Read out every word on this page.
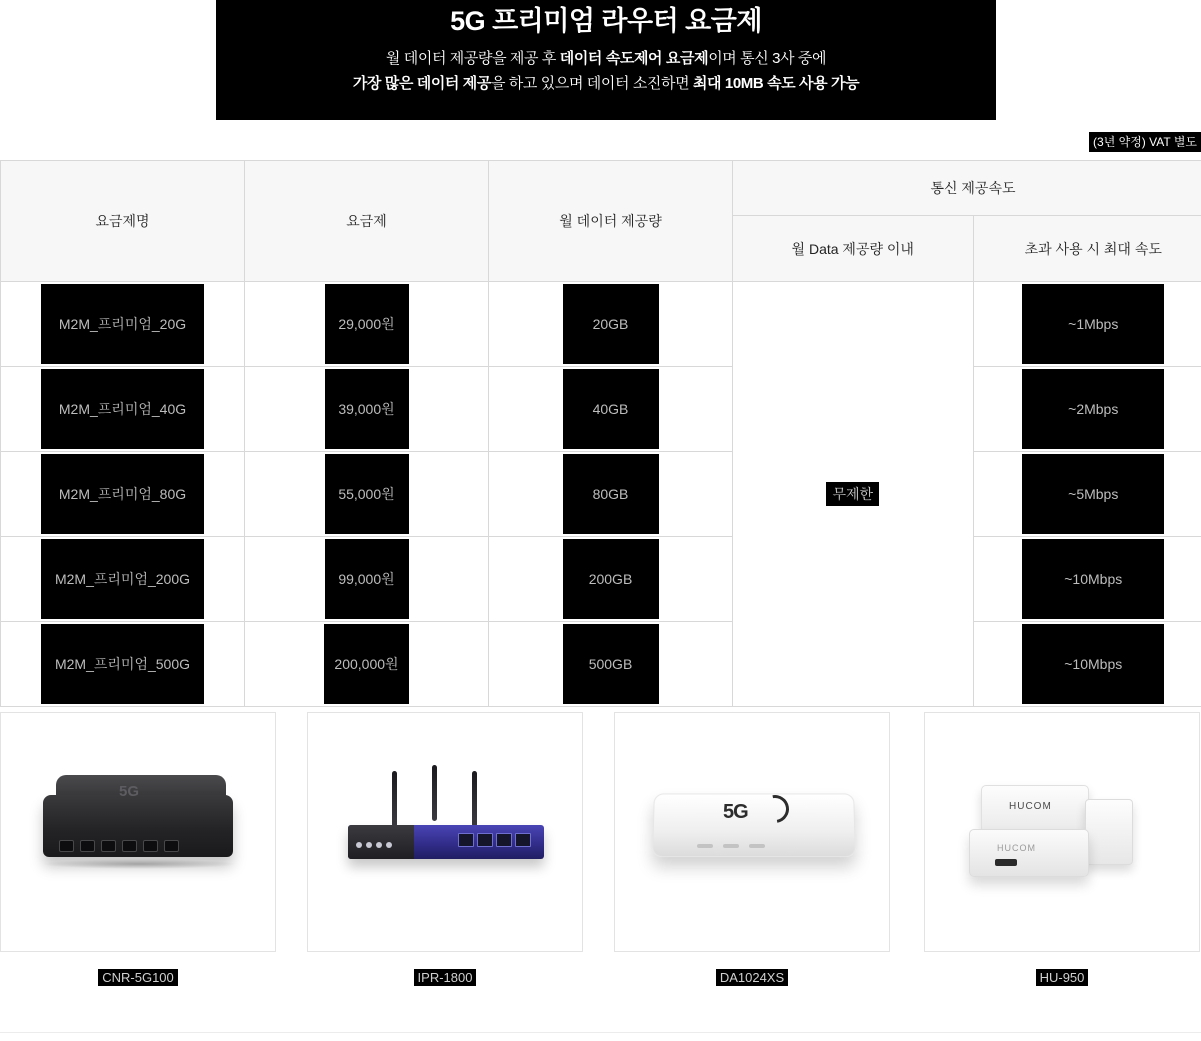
5G 프리미엄 라우터 요금제
월 데이터 제공량을 제공 후 데이터 속도제어 요금제이며 통신 3사 중에
가장 많은 데이터 제공을 하고 있으며 데이터 소진하면 최대 10MB 속도 사용 가능
(3년 약정) VAT 별도
요금제명	요금제	월 데이터 제공량	통신 제공속도	
			월 Data 제공량 이내	초과 사용 시 최대 속도
M2M_프리미엄_20G	29,000원	20GB	무제한	~1Mbps
M2M_프리미엄_40G	39,000원	40GB		~2Mbps
M2M_프리미엄_80G	55,000원	80GB		~5Mbps
M2M_프리미엄_200G	99,000원	200GB		~10Mbps
M2M_프리미엄_500G	200,000원	500GB		~10Mbps
5G
CNR-5G100	IPR-1800
5G
DA1024XS
HUCOM
HUCOM
HU-950
